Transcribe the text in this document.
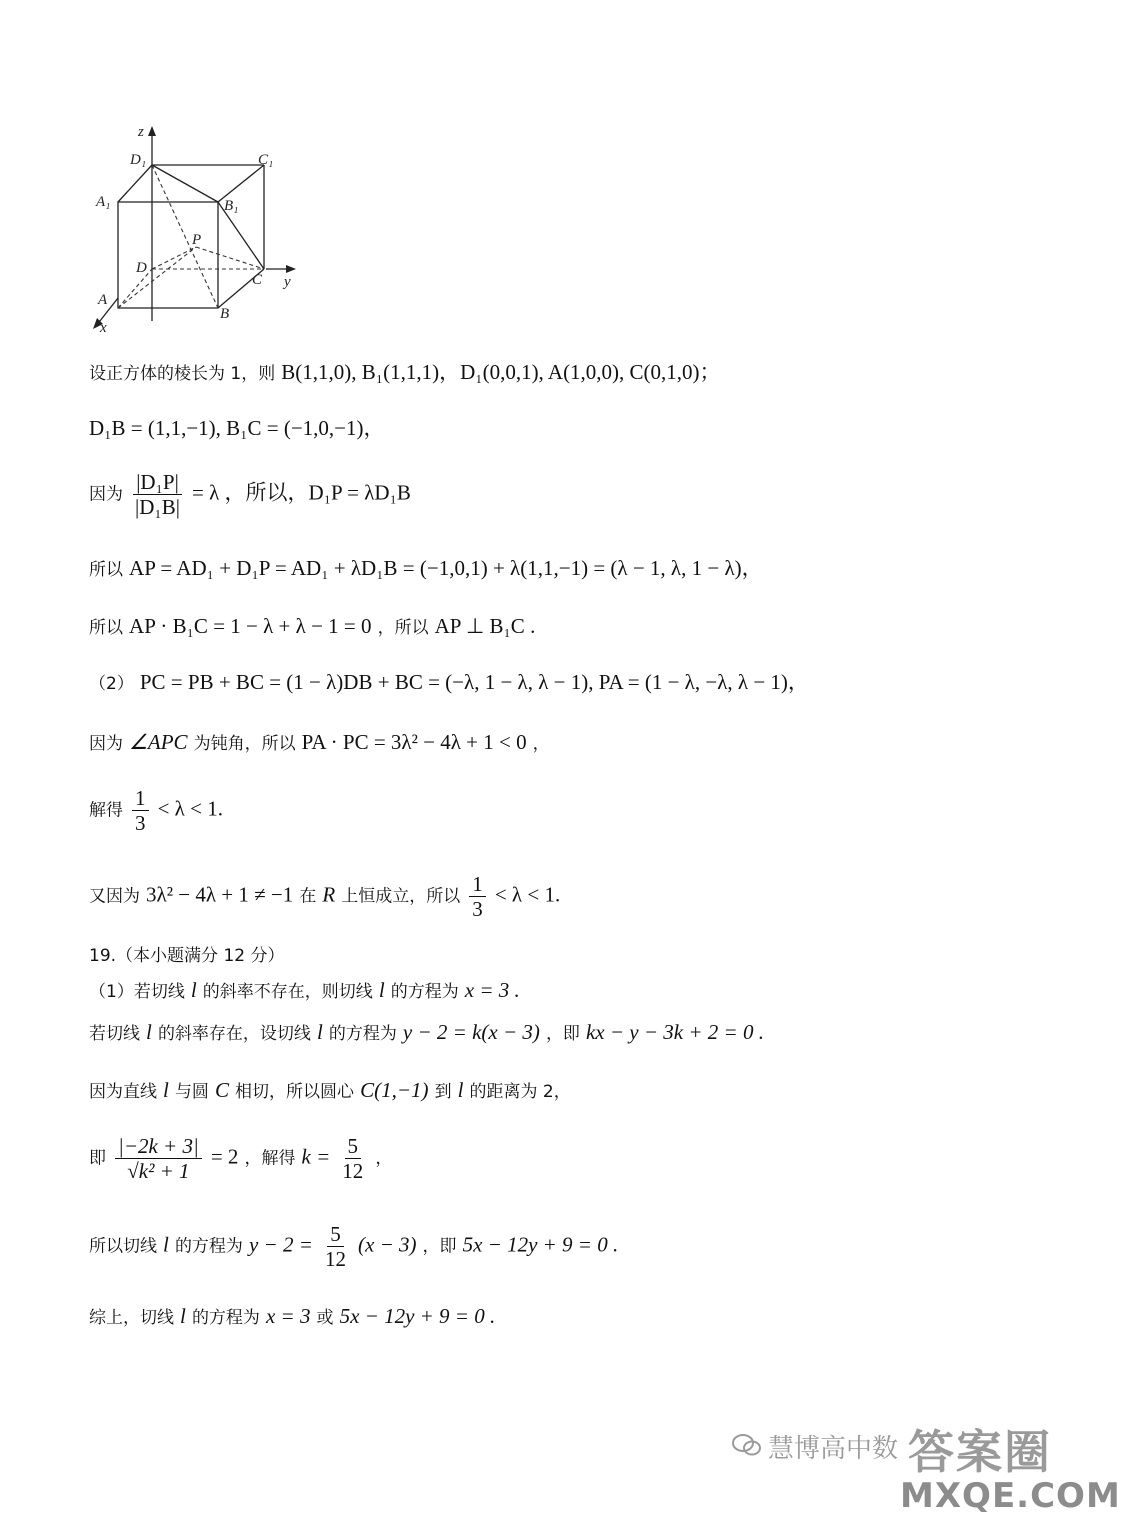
z
y
x
D₁	C₁
A₁	B₁
P
D
C
A
B
设正方体的棱长为 1，则 B(1,1,0), B₁(1,1,1)，D₁(0,0,1), A(1,0,0), C(0,1,0)；
D₁B = (1,1,−1), B₁C = (−1,0,−1)，
因为 $\frac{\text{|D₁P|}}{\text{|D₁B|}} = \lambda$ ，所以，D₁P = λD₁B
所以 AP = AD₁ + D₁P = AD₁ + λD₁B = (−1,0,1) + λ(1,1,−1) = (λ − 1, λ, 1 − λ)，
所以 AP · B₁C = 1 − λ + λ − 1 = 0 ，所以 AP ⊥ B₁C .
（2） PC = PB + BC = (1 − λ)DB + BC = (−λ, 1 − λ, λ − 1), PA = (1 − λ, −λ, λ − 1)，
因为 ∠APC 为钝角，所以 PA · PC = 3λ² − 4λ + 1 < 0 ，
解得 $\frac{1}{3} < \lambda < 1$.
又因为 3λ² − 4λ + 1 ≠ −1 在 R 上恒成立，所以 $\frac{1}{3} < \lambda < 1$.
19.（本小题满分 12 分）
（1）若切线 l 的斜率不存在，则切线 l 的方程为 x = 3 .
若切线 l 的斜率存在，设切线 l 的方程为 y − 2 = k(x − 3) ，即 kx − y − 3k + 2 = 0 .
因为直线 l 与圆 C 相切，所以圆心 C(1,−1) 到 l 的距离为 2，
即 $\frac{|-2k + 3|}{\text{√k² + 1}} = 2$ ，解得 $k = \frac{5}{12}$ ，
所以切线 l 的方程为 $y - 2 = \frac{5}{12} (x - 3)$ ，即 5x − 12y + 9 = 0 .
综上，切线 l 的方程为 x = 3 或 5x − 12y + 9 = 0 .
慧博高中数 答案圈
MXQE.COM
